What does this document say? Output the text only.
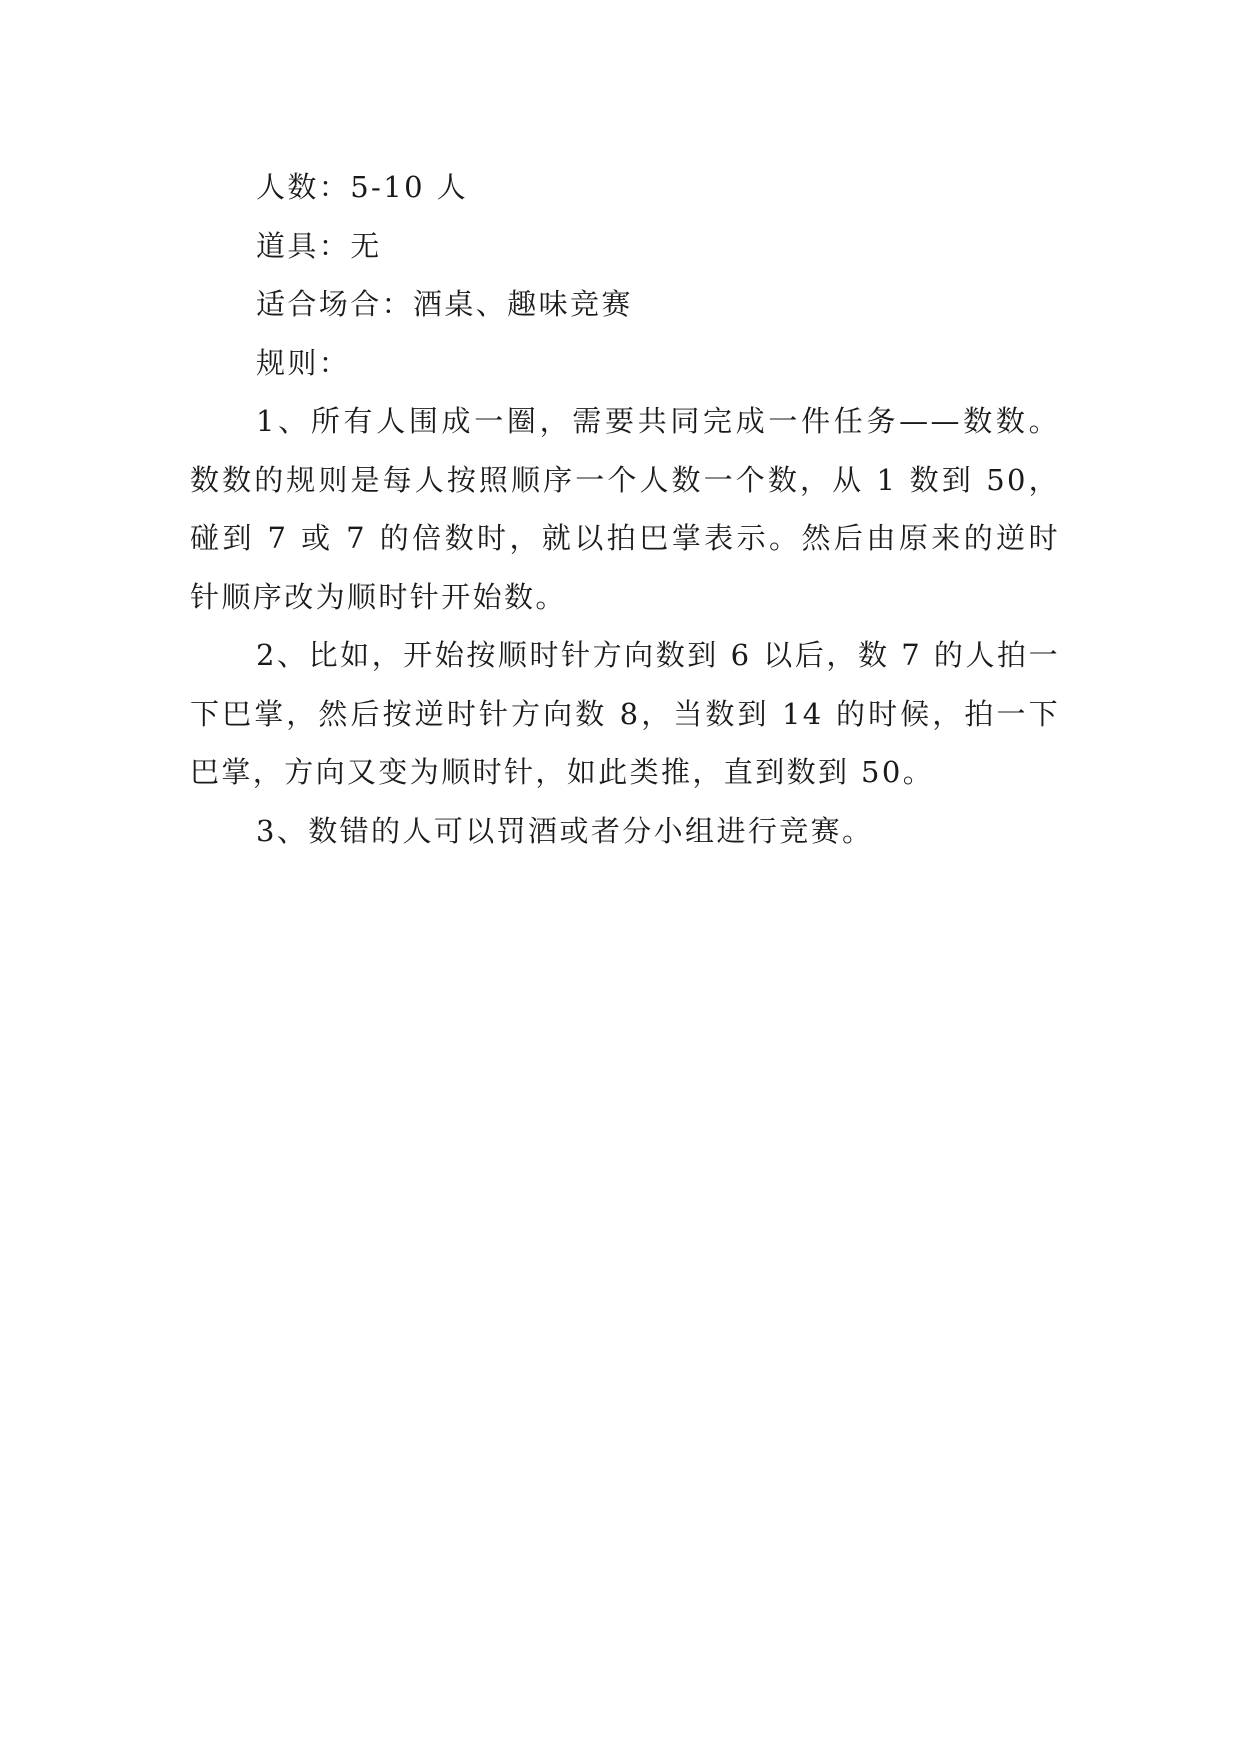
人数：5-10 人

道具：无

适合场合：酒桌、趣味竞赛

规则：

1、所有人围成一圈，需要共同完成一件任务——数数。数数的规则是每人按照顺序一个人数一个数，从 1 数到 50，碰到 7 或 7 的倍数时，就以拍巴掌表示。然后由原来的逆时针顺序改为顺时针开始数。

2、比如，开始按顺时针方向数到 6 以后，数 7 的人拍一下巴掌，然后按逆时针方向数 8，当数到 14 的时候，拍一下巴掌，方向又变为顺时针，如此类推，直到数到 50。

3、数错的人可以罚酒或者分小组进行竞赛。
